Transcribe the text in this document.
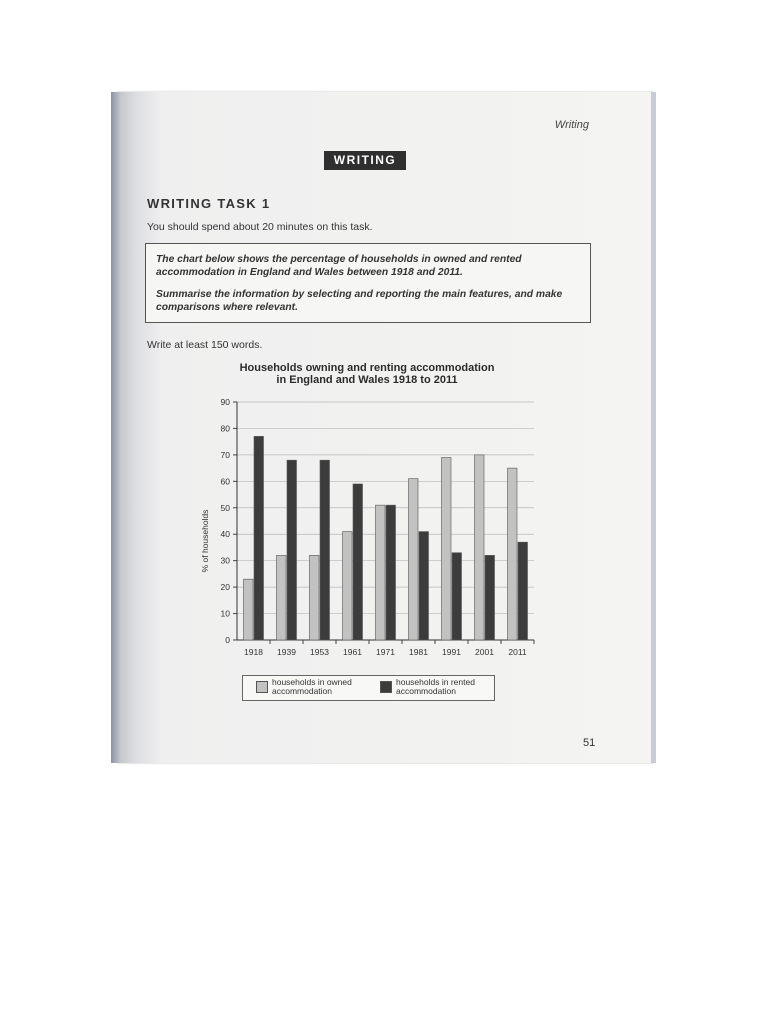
Writing
WRITING
WRITING TASK 1
You should spend about 20 minutes on this task.
The chart below shows the percentage of households in owned and rented accommodation in England and Wales between 1918 and 2011.
Summarise the information by selecting and reporting the main features, and make comparisons where relevant.
Write at least 150 words.
Households owning and renting accommodation
in England and Wales 1918 to 2011
0
10
20
30
40
50
60
70
80
90
% of households
1918 1939 1953 1961 1971 1981 1991 2001 2011
households in owned
accommodation
households in rented
accommodation
51
